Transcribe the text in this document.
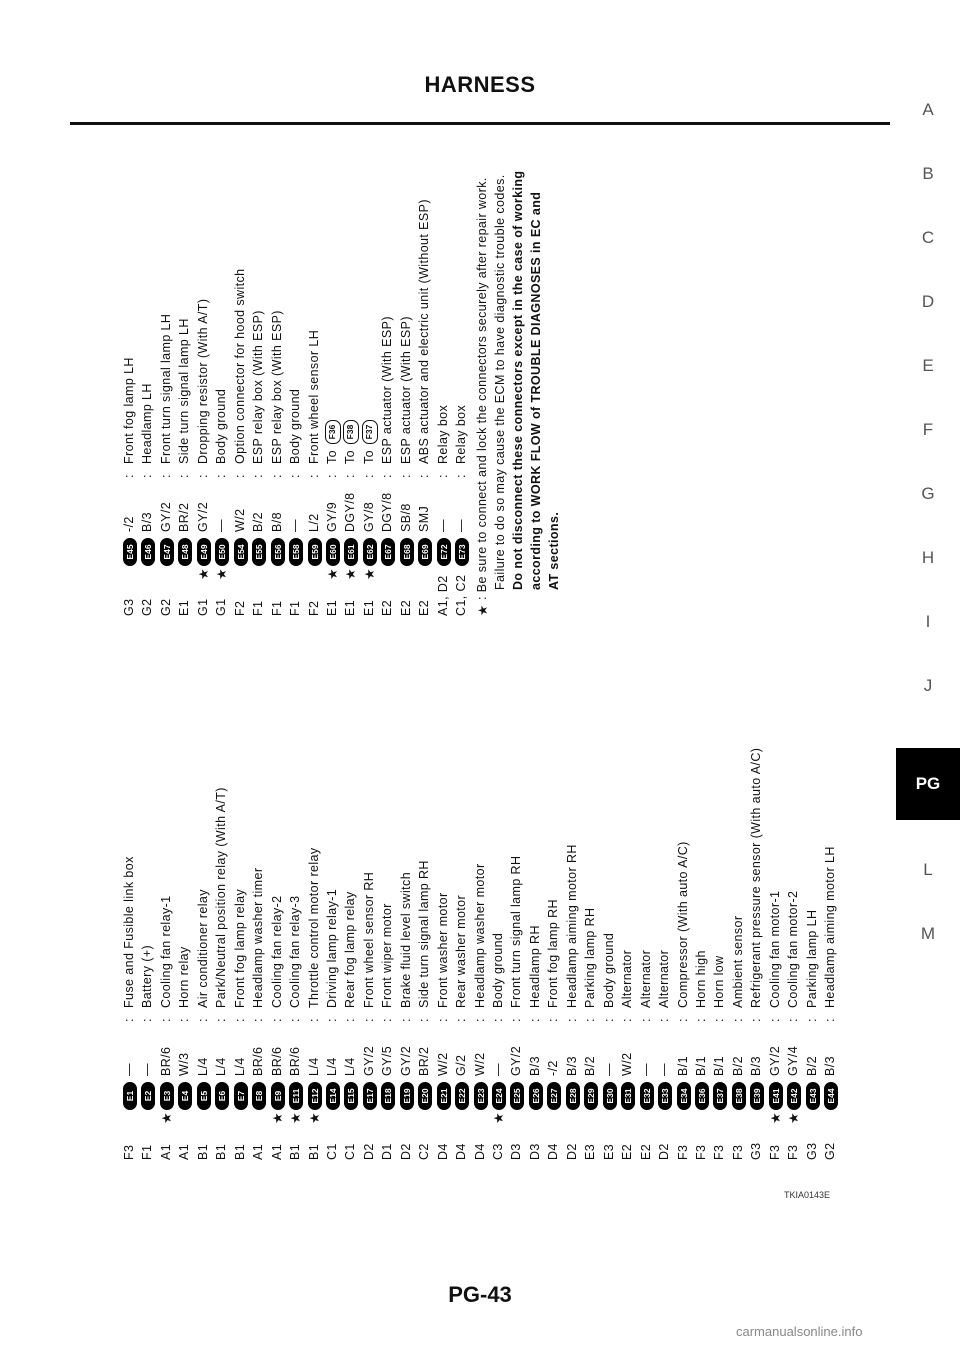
HARNESS
A
B
C
D
E
F
G
H
I
J
PG
L
M
F3
E1
—
:
Fuse and Fusible link box
F1
E2
—
:
Battery (+)
A1
★
E3
BR/6
:
Cooling fan relay-1
A1
E4
W/3
:
Horn relay
B1
E5
L/4
:
Air conditioner relay
B1
E6
L/4
:
Park/Neutral position relay (With A/T)
B1
E7
L/4
:
Front fog lamp relay
A1
E8
BR/6
:
Headlamp washer timer
A1
★
E9
BR/6
:
Cooling fan relay-2
B1
★
E11
BR/6
:
Cooling fan relay-3
B1
★
E12
L/4
:
Throttle control motor relay
C1
E14
L/4
:
Driving lamp relay-1
C1
E15
L/4
:
Rear fog lamp relay
D2
E17
GY/2
:
Front wheel sensor RH
D1
E18
GY/5
:
Front wiper motor
D2
E19
GY/2
:
Brake fluid level switch
C2
E20
BR/2
:
Side turn signal lamp RH
D4
E21
W/2
:
Front washer motor
D4
E22
G/2
:
Rear washer motor
D4
E23
W/2
:
Headlamp washer motor
C3
★
E24
—
:
Body ground
D3
E25
GY/2
:
Front turn signal lamp RH
D3
E26
B/3
:
Headlamp RH
D4
E27
-/2
:
Front fog lamp RH
D2
E28
B/3
:
Headlamp aiming motor RH
E3
E29
B/2
:
Parking lamp RH
E3
E30
—
:
Body ground
E2
E31
W/2
:
Alternator
E2
E32
—
:
Alternator
D2
E33
—
:
Alternator
F3
E34
B/1
:
Compressor (With auto A/C)
F3
E36
B/1
:
Horn high
F3
E37
B/1
:
Horn low
F3
E38
B/2
:
Ambient sensor
G3
E39
B/3
:
Refrigerant pressure sensor (With auto A/C)
F3
★
E41
GY/2
:
Cooling fan motor-1
F3
★
E42
GY/4
:
Cooling fan motor-2
G3
E43
B/2
:
Parking lamp LH
G2
E44
B/3
:
Headlamp aiming motor LH
G3
E45
-/2
:
Front fog lamp LH
G2
E46
B/3
:
Headlamp LH
G2
E47
GY/2
:
Front turn signal lamp LH
E1
E48
BR/2
:
Side turn signal lamp LH
G1
★
E49
GY/2
:
Dropping resistor (With A/T)
G1
★
E50
—
:
Body ground
F2
E54
W/2
:
Option connector for hood switch
F1
E55
B/2
:
ESP relay box (With ESP)
F1
E56
B/8
:
ESP relay box (With ESP)
F1
E58
—
:
Body ground
F2
E59
L/2
:
Front wheel sensor LH
E1
★
E60
GY/9
:
To
F36
E1
★
E61
DGY/8
:
To
F38
E1
★
E62
GY/8
:
To
F37
E2
E67
DGY/8
:
ESP actuator (With ESP)
E2
E68
SB/8
:
ESP actuator (With ESP)
E2
E69
SMJ
:
ABS actuator and electric unit (Without ESP)
A1, D2
E72
—
:
Relay box
C1, C2
E73
—
:
Relay box
★
: Be sure to connect and lock the connectors securely after repair work. Failure to do so may cause the ECM to have diagnostic trouble codes. Do not disconnect these connectors except in the case of working according to WORK FLOW of TROUBLE DIAGNOSES in EC and AT sections.
TKIA0143E
PG-43
carmanualsonline.info
